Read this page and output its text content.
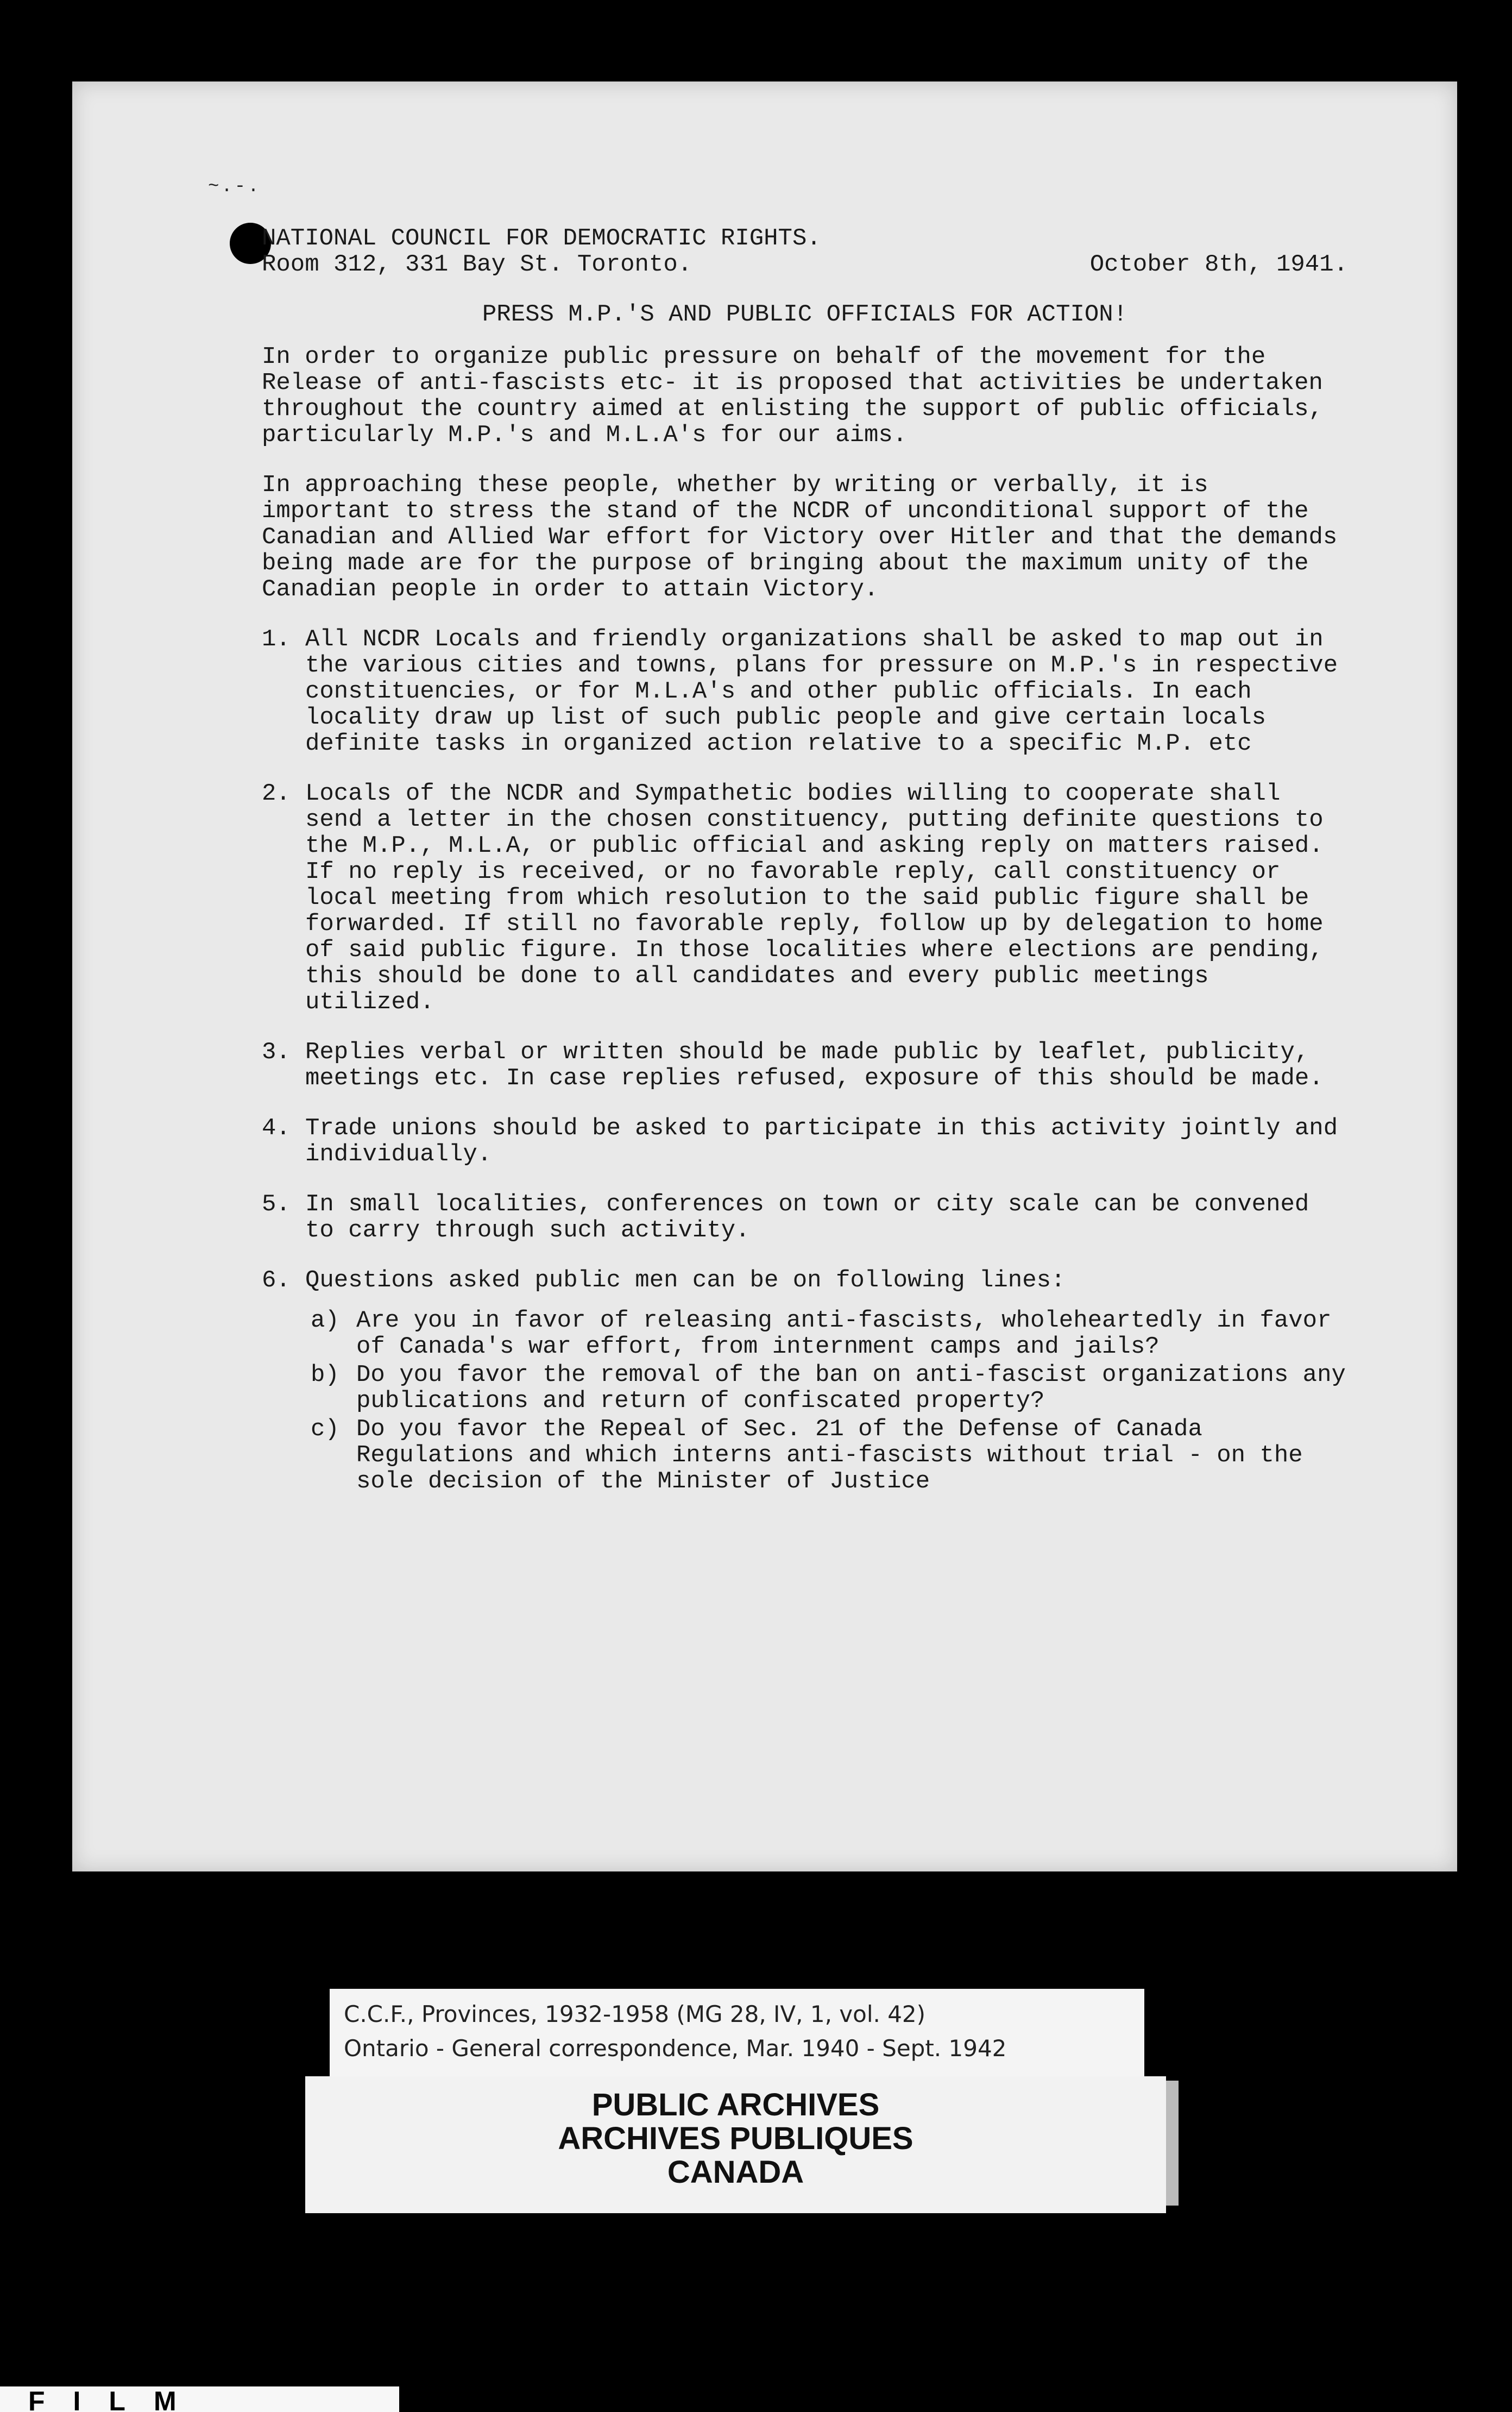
~.-.
NATIONAL COUNCIL FOR DEMOCRATIC RIGHTS.
Room 312, 331 Bay St. Toronto.	October 8th, 1941.
PRESS M.P.'S AND PUBLIC OFFICIALS FOR ACTION!
In order to organize public pressure on behalf of the movement for the Release of anti-fascists etc- it is proposed that activities be undertaken throughout the country aimed at enlisting the support of public officials, particularly M.P.'s and M.L.A's for our aims.
In approaching these people, whether by writing or verbally, it is important to stress the stand of the NCDR of unconditional support of the Canadian and Allied War effort for Victory over Hitler and that the demands being made are for the purpose of bringing about the maximum unity of the Canadian people in order to attain Victory.
1. All NCDR Locals and friendly organizations shall be asked to map out in the various cities and towns, plans for pressure on M.P.'s in respective constituencies, or for M.L.A's and other public officials. In each locality draw up list of such public people and give certain locals definite tasks in organized action relative to a specific M.P. etc
2. Locals of the NCDR and Sympathetic bodies willing to cooperate shall send a letter in the chosen constituency, putting definite questions to the M.P., M.L.A, or public official and asking reply on matters raised. If no reply is received, or no favorable reply, call constituency or local meeting from which resolution to the said public figure shall be forwarded. If still no favorable reply, follow up by delegation to home of said public figure. In those localities where elections are pending, this should be done to all candidates and every public meetings utilized.
3. Replies verbal or written should be made public by leaflet, publicity, meetings etc. In case replies refused, exposure of this should be made.
4. Trade unions should be asked to participate in this activity jointly and individually.
5. In small localities, conferences on town or city scale can be convened to carry through such activity.
6. Questions asked public men can be on following lines:
a) Are you in favor of releasing anti-fascists, wholeheartedly in favor of Canada's war effort, from internment camps and jails?
b) Do you favor the removal of the ban on anti-fascist organizations any publications and return of confiscated property?
c) Do you favor the Repeal of Sec. 21 of the Defense of Canada Regulations and which interns anti-fascists without trial - on the sole decision of the Minister of Justice
C.C.F., Provinces, 1932-1958 (MG 28, IV, 1, vol. 42)
Ontario - General correspondence, Mar. 1940 - Sept. 1942
PUBLIC ARCHIVES
ARCHIVES PUBLIQUES
CANADA
FILM
